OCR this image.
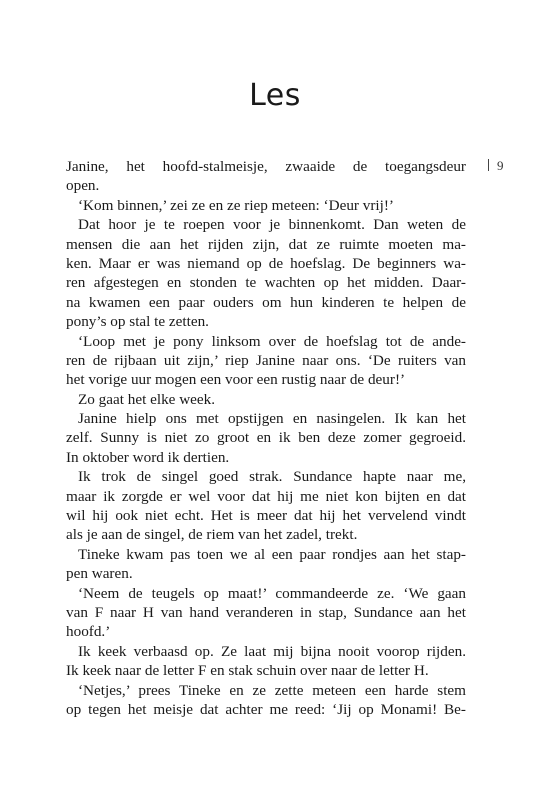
Les
9
Janine, het hoofd-stalmeisje, zwaaide de toegangsdeur
open.
‘Kom binnen,’ zei ze en ze riep meteen: ‘Deur vrij!’
Dat hoor je te roepen voor je binnenkomt. Dan weten de
mensen die aan het rijden zijn, dat ze ruimte moeten ma-
ken. Maar er was niemand op de hoefslag. De beginners wa-
ren afgestegen en stonden te wachten op het midden. Daar-
na kwamen een paar ouders om hun kinderen te helpen de
pony’s op stal te zetten.
‘Loop met je pony linksom over de hoefslag tot de ande-
ren de rijbaan uit zijn,’ riep Janine naar ons. ‘De ruiters van
het vorige uur mogen een voor een rustig naar de deur!’
Zo gaat het elke week.
Janine hielp ons met opstijgen en nasingelen. Ik kan het
zelf. Sunny is niet zo groot en ik ben deze zomer gegroeid.
In oktober word ik dertien.
Ik trok de singel goed strak. Sundance hapte naar me,
maar ik zorgde er wel voor dat hij me niet kon bijten en dat
wil hij ook niet echt. Het is meer dat hij het vervelend vindt
als je aan de singel, de riem van het zadel, trekt.
Tineke kwam pas toen we al een paar rondjes aan het stap-
pen waren.
‘Neem de teugels op maat!’ commandeerde ze. ‘We gaan
van F naar H van hand veranderen in stap, Sundance aan het
hoofd.’
Ik keek verbaasd op. Ze laat mij bijna nooit voorop rijden.
Ik keek naar de letter F en stak schuin over naar de letter H.
‘Netjes,’ prees Tineke en ze zette meteen een harde stem
op tegen het meisje dat achter me reed: ‘Jij op Monami! Be-
